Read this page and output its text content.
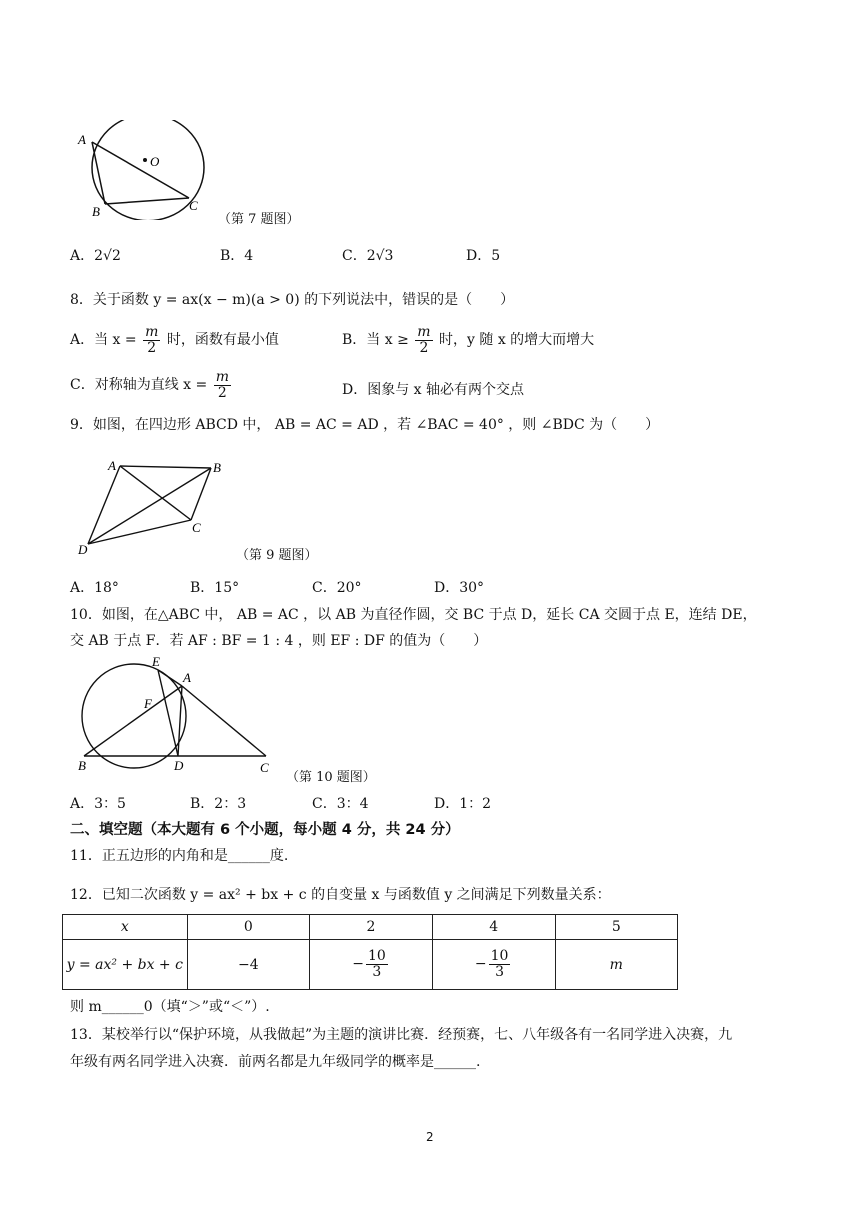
A
O
B	C
（第 7 题图）
A．2√2	B．4	C．2√3	D．5
8．关于函数 y = ax(x − m)(a > 0) 的下列说法中，错误的是（　　）
A．当 $x = \frac{m}{2}$ 时，函数有最小值	B．当 $x \ge \frac{m}{2}$ 时，y 随 x 的增大而增大
C．对称轴为直线 $x = \frac{m}{2}$	D．图象与 x 轴必有两个交点
9．如图，在四边形 ABCD 中， AB = AC = AD ，若 ∠BAC = 40° ，则 ∠BDC 为（　　）
A	B
C
D	（第 9 题图）
A．18°	B．15°	C．20°	D．30°
10．如图，在△ABC 中， AB = AC ，以 AB 为直径作圆，交 BC 于点 D，延长 CA 交圆于点 E，连结 DE，
交 AB 于点 F．若 AF : BF = 1 : 4 ，则 EF : DF 的值为（　　）
E
A
F
B	D	C
（第 10 题图）
A．3：5	B．2：3	C．3：4	D．1：2
二、填空题（本大题有 6 个小题，每小题 4 分，共 24 分）
11．正五边形的内角和是______度.
12．已知二次函数 y = ax² + bx + c 的自变量 x 与函数值 y 之间满足下列数量关系：
x	0	2	4	5
y = ax² + bx + c	−4	− $\frac{10}{3}$	− $\frac{10}{3}$	m
则 m______0（填“＞”或“＜”）.
13．某校举行以“保护环境，从我做起”为主题的演讲比赛．经预赛，七、八年级各有一名同学进入决赛，九
年级有两名同学进入决赛．前两名都是九年级同学的概率是______.
2
